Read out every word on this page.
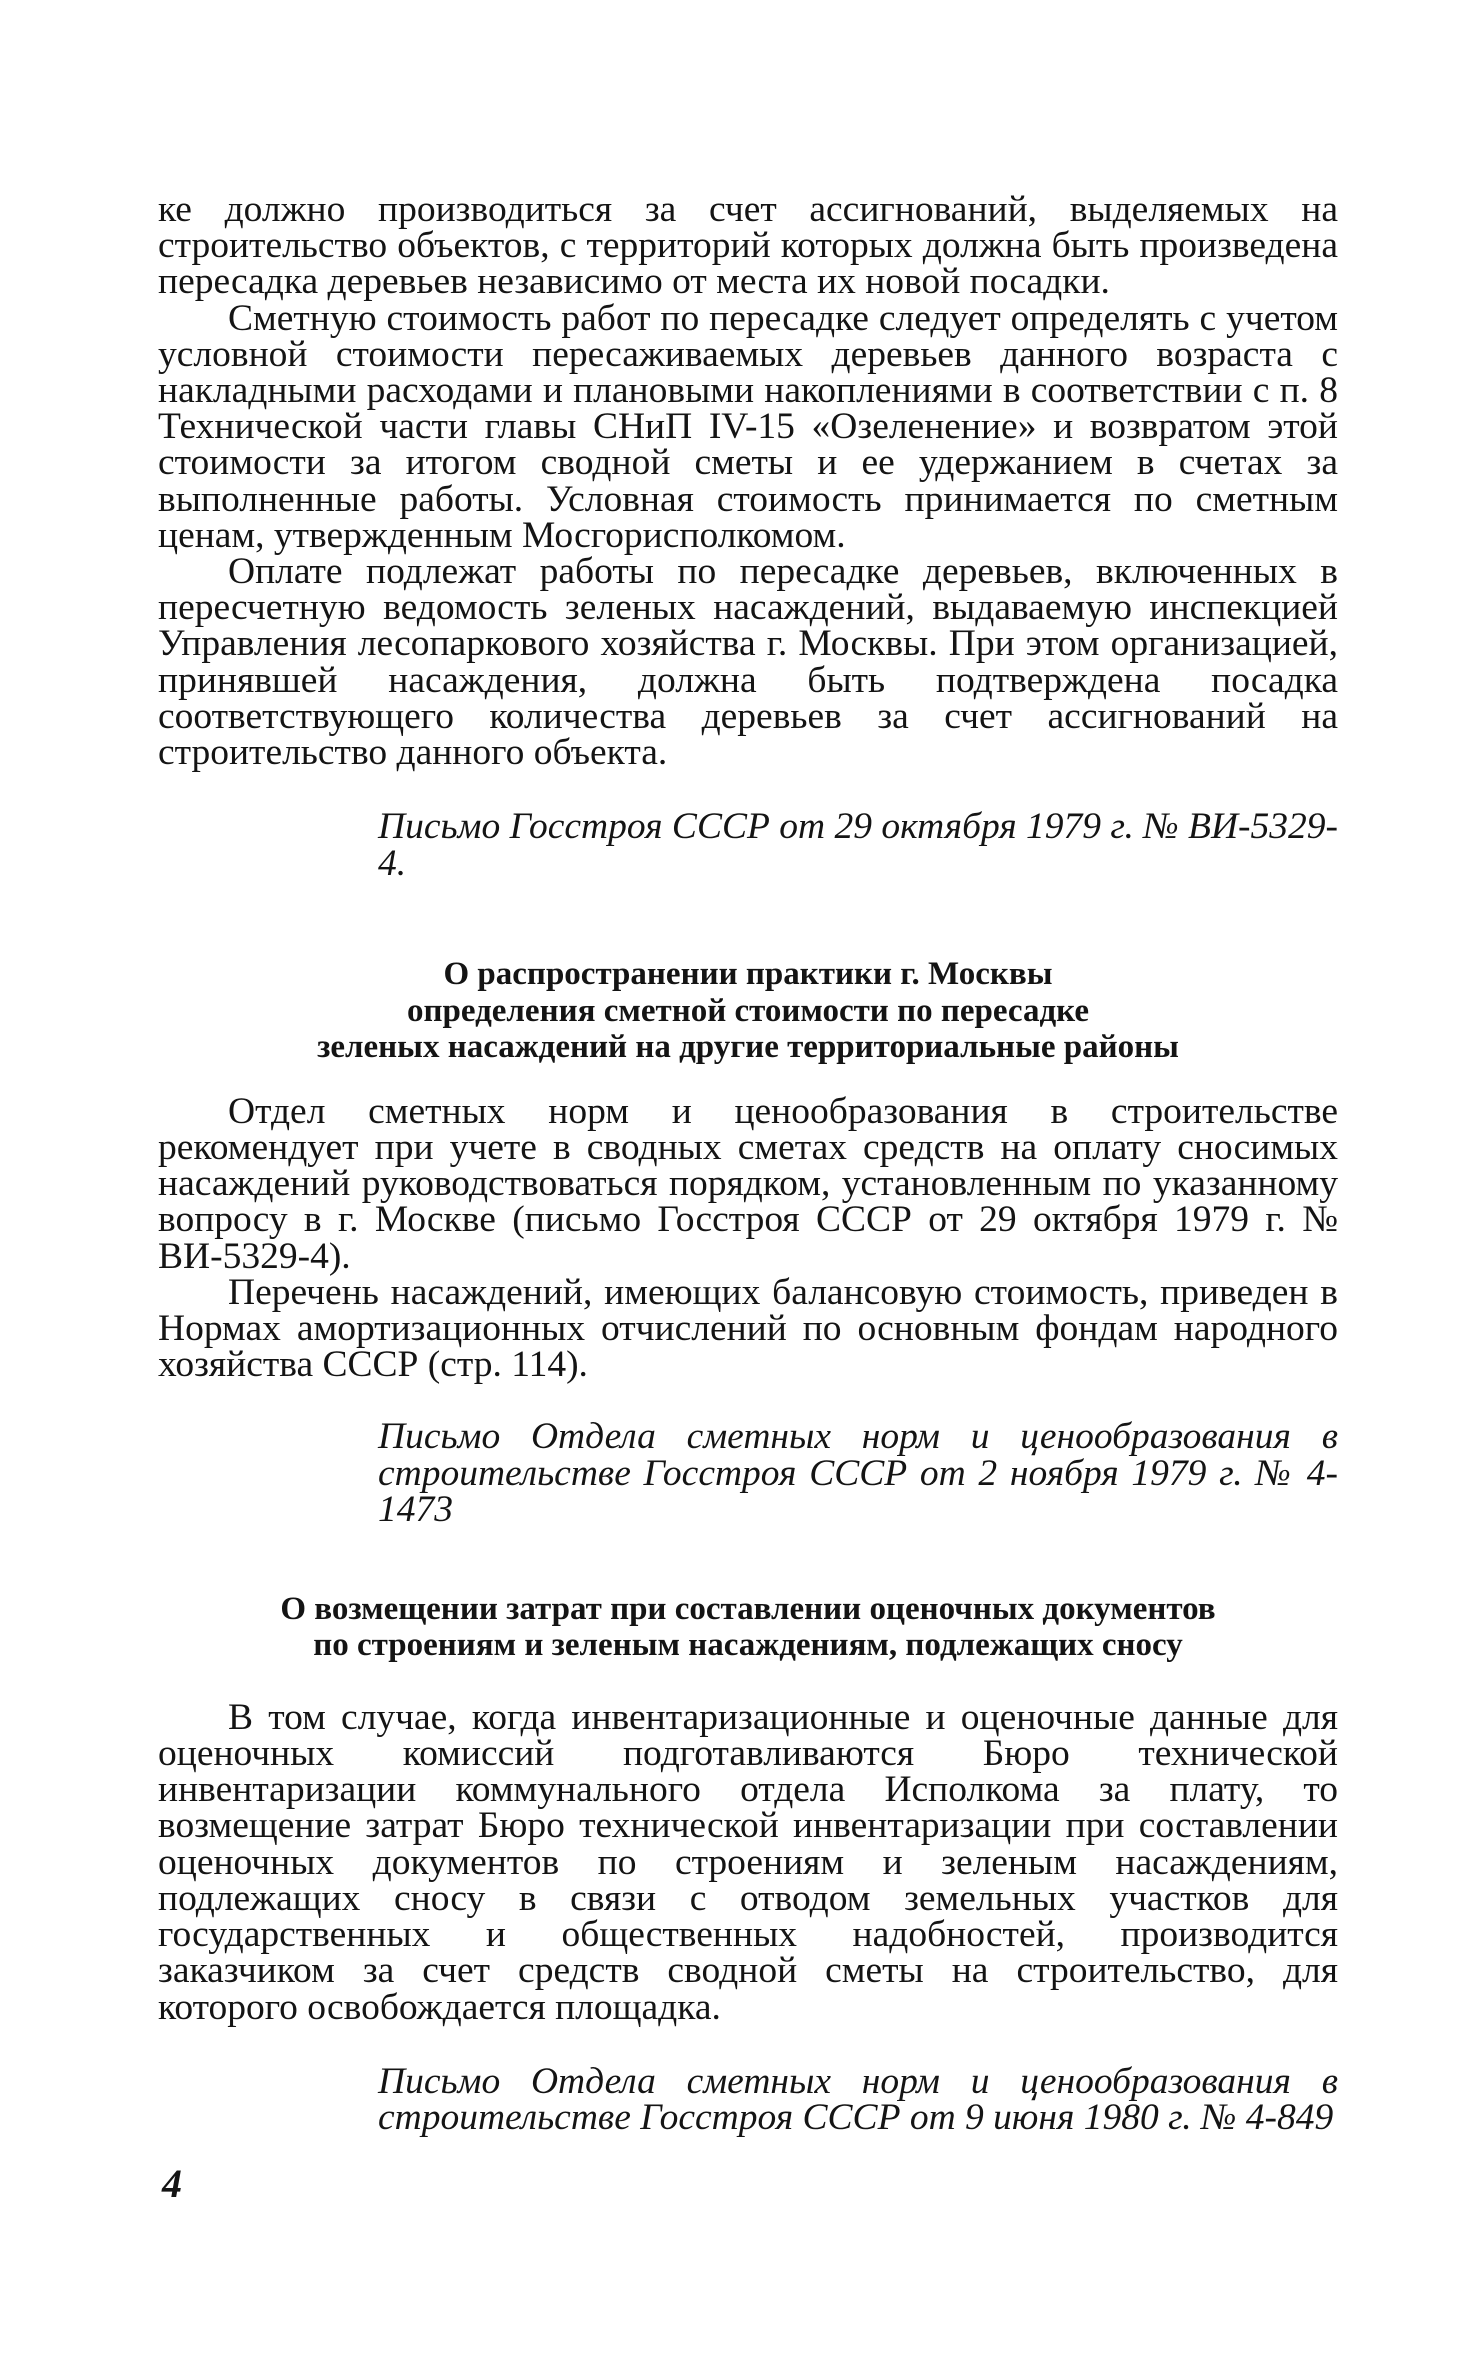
ке должно производиться за счет ассигнований, выделяемых на строительство объектов, с территорий которых должна быть произведена пересадка деревьев независимо от места их новой посадки.

Сметную стоимость работ по пересадке следует определять с учетом условной стоимости пересаживаемых деревьев данного возраста с накладными расходами и плановыми накоплениями в соответствии с п. 8 Технической части главы СНиП IV-15 «Озеленение» и возвратом этой стоимости за итогом сводной сметы и ее удержанием в счетах за выполненные работы. Условная стоимость принимается по сметным ценам, утвержденным Мосгорисполкомом.

Оплате подлежат работы по пересадке деревьев, включенных в пересчетную ведомость зеленых насаждений, выдаваемую инспекцией Управления лесопаркового хозяйства г. Москвы. При этом организацией, принявшей насаждения, должна быть подтверждена посадка соответствующего количества деревьев за счет ассигнований на строительство данного объекта.

Письмо Госстроя СССР от 29 октября 1979 г. № ВИ-5329-4.

О распространении практики г. Москвы
определения сметной стоимости по пересадке
зеленых насаждений на другие территориальные районы

Отдел сметных норм и ценообразования в строительстве рекомендует при учете в сводных сметах средств на оплату сносимых насаждений руководствоваться порядком, установленным по указанному вопросу в г. Москве (письмо Госстроя СССР от 29 октября 1979 г. № ВИ-5329-4).

Перечень насаждений, имеющих балансовую стоимость, приведен в Нормах амортизационных отчислений по основным фондам народного хозяйства СССР (стр. 114).

Письмо Отдела сметных норм и ценообразования в строительстве Госстроя СССР от 2 ноября 1979 г. № 4-1473

О возмещении затрат при составлении оценочных документов
по строениям и зеленым насаждениям, подлежащих сносу

В том случае, когда инвентаризационные и оценочные данные для оценочных комиссий подготавливаются Бюро технической инвентаризации коммунального отдела Исполкома за плату, то возмещение затрат Бюро технической инвентаризации при составлении оценочных документов по строениям и зеленым насаждениям, подлежащих сносу в связи с отводом земельных участков для государственных и общественных надобностей, производится заказчиком за счет средств сводной сметы на строительство, для которого освобождается площадка.

Письмо Отдела сметных норм и ценообразования в строительстве Госстроя СССР от 9 июня 1980 г. № 4-849

4
